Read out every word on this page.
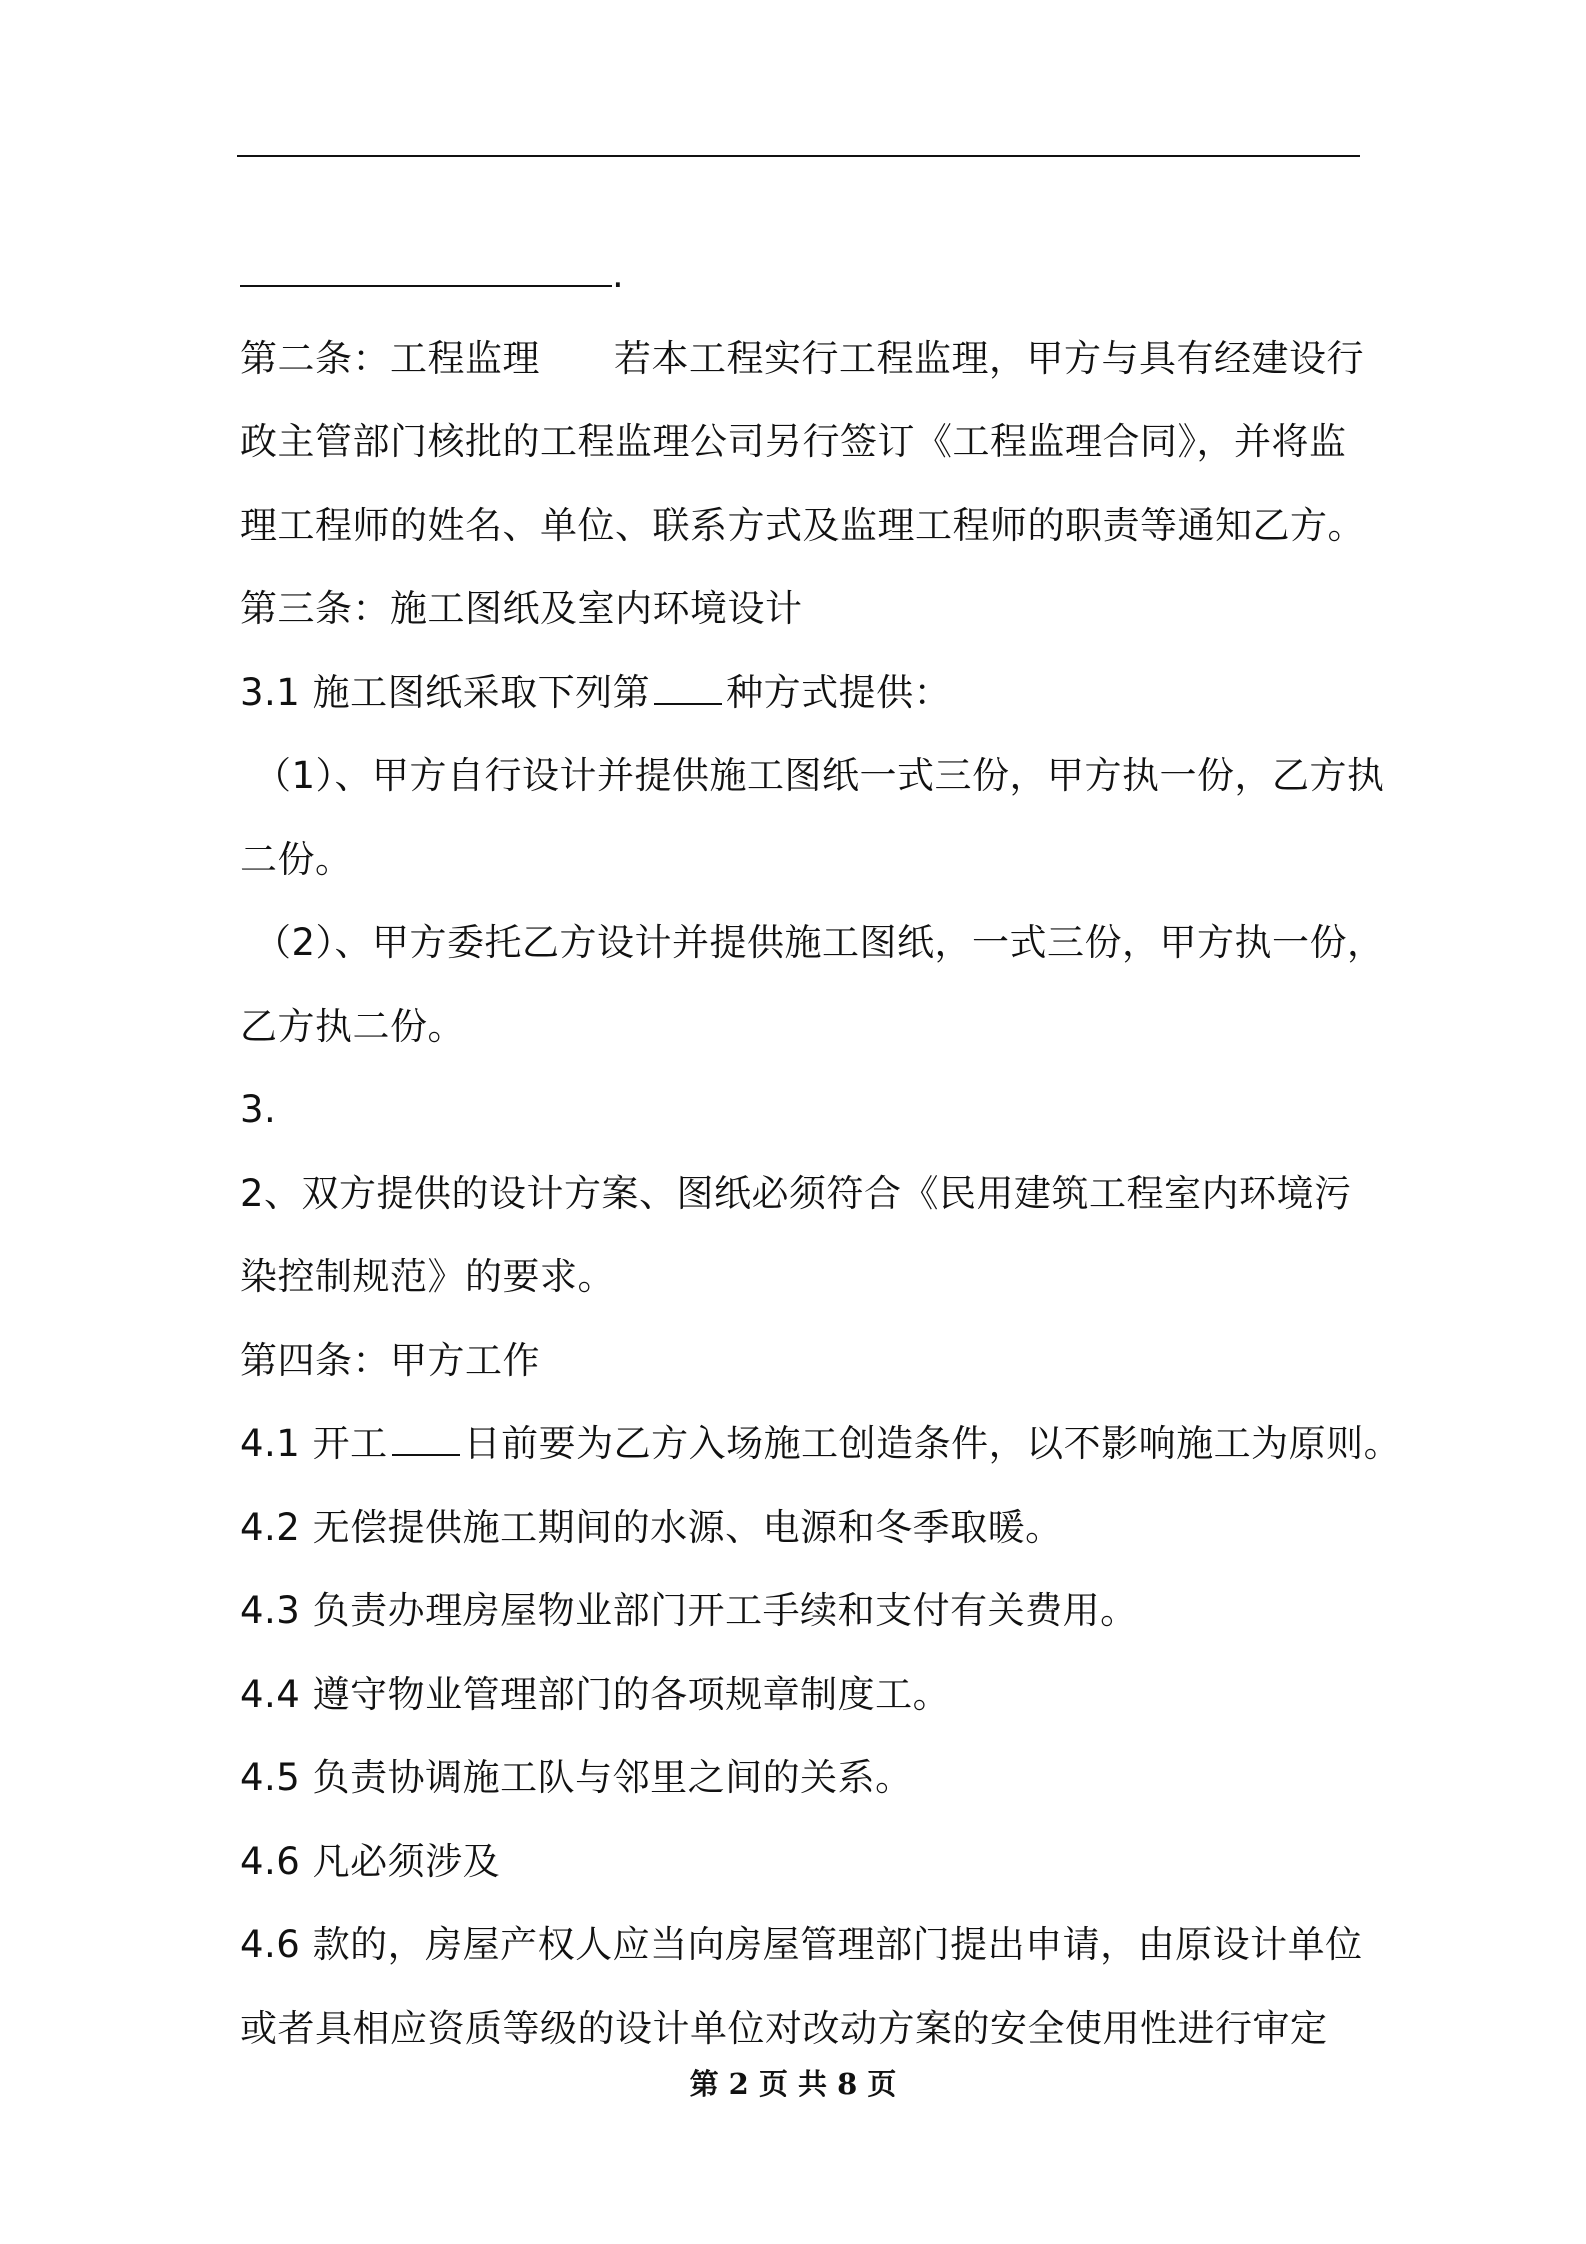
.
第二条：工程监理 若本工程实行工程监理，甲方与具有经建设行
政主管部门核批的工程监理公司另行签订《工程监理合同》，并将监
理工程师的姓名、单位、联系方式及监理工程师的职责等通知乙方。
第三条：施工图纸及室内环境设计
3.1 施工图纸采取下列第 种方式提供：
（1）、甲方自行设计并提供施工图纸一式三份，甲方执一份，乙方执
二份。
（2）、甲方委托乙方设计并提供施工图纸，一式三份，甲方执一份，
乙方执二份。
3.
2、双方提供的设计方案、图纸必须符合《民用建筑工程室内环境污
染控制规范》的要求。
第四条：甲方工作
4.1 开工 日前要为乙方入场施工创造条件，以不影响施工为原则。
4.2 无偿提供施工期间的水源、电源和冬季取暖。
4.3 负责办理房屋物业部门开工手续和支付有关费用。
4.4 遵守物业管理部门的各项规章制度工。
4.5 负责协调施工队与邻里之间的关系。
4.6 凡必须涉及
4.6 款的，房屋产权人应当向房屋管理部门提出申请，由原设计单位
或者具相应资质等级的设计单位对改动方案的安全使用性进行审定
第 2 页 共 8 页
